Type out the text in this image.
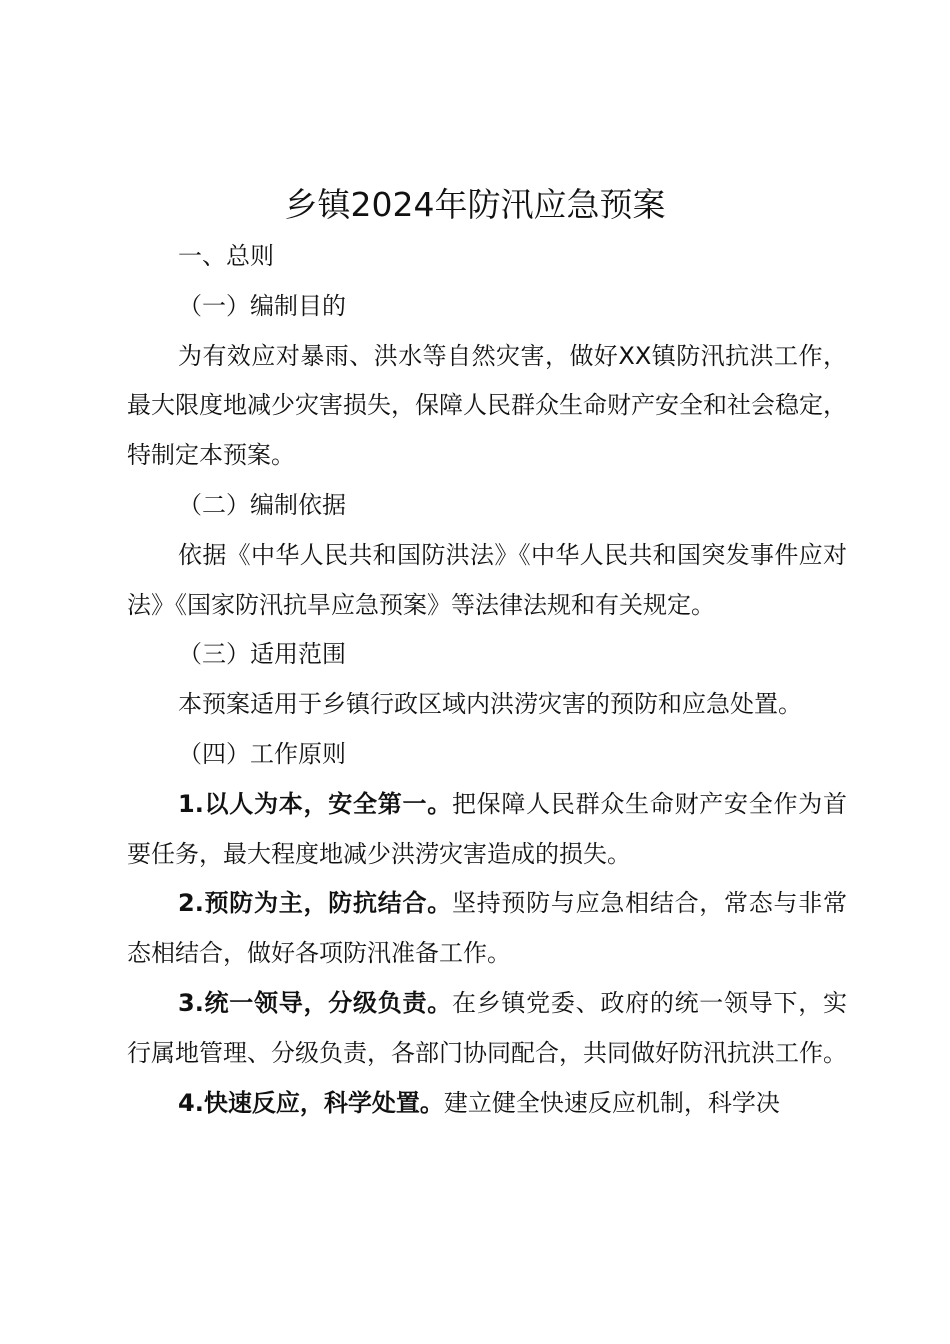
乡镇2024年防汛应急预案

一、总则

（一）编制目的

为有效应对暴雨、洪水等自然灾害，做好XX镇防汛抗洪工作，最大限度地减少灾害损失，保障人民群众生命财产安全和社会稳定，特制定本预案。

（二）编制依据

依据《中华人民共和国防洪法》《中华人民共和国突发事件应对法》《国家防汛抗旱应急预案》等法律法规和有关规定。

（三）适用范围

本预案适用于乡镇行政区域内洪涝灾害的预防和应急处置。

（四）工作原则

1.以人为本，安全第一。把保障人民群众生命财产安全作为首要任务，最大程度地减少洪涝灾害造成的损失。

2.预防为主，防抗结合。坚持预防与应急相结合，常态与非常态相结合，做好各项防汛准备工作。

3.统一领导，分级负责。在乡镇党委、政府的统一领导下，实行属地管理、分级负责，各部门协同配合，共同做好防汛抗洪工作。

4.快速反应，科学处置。建立健全快速反应机制，科学决
